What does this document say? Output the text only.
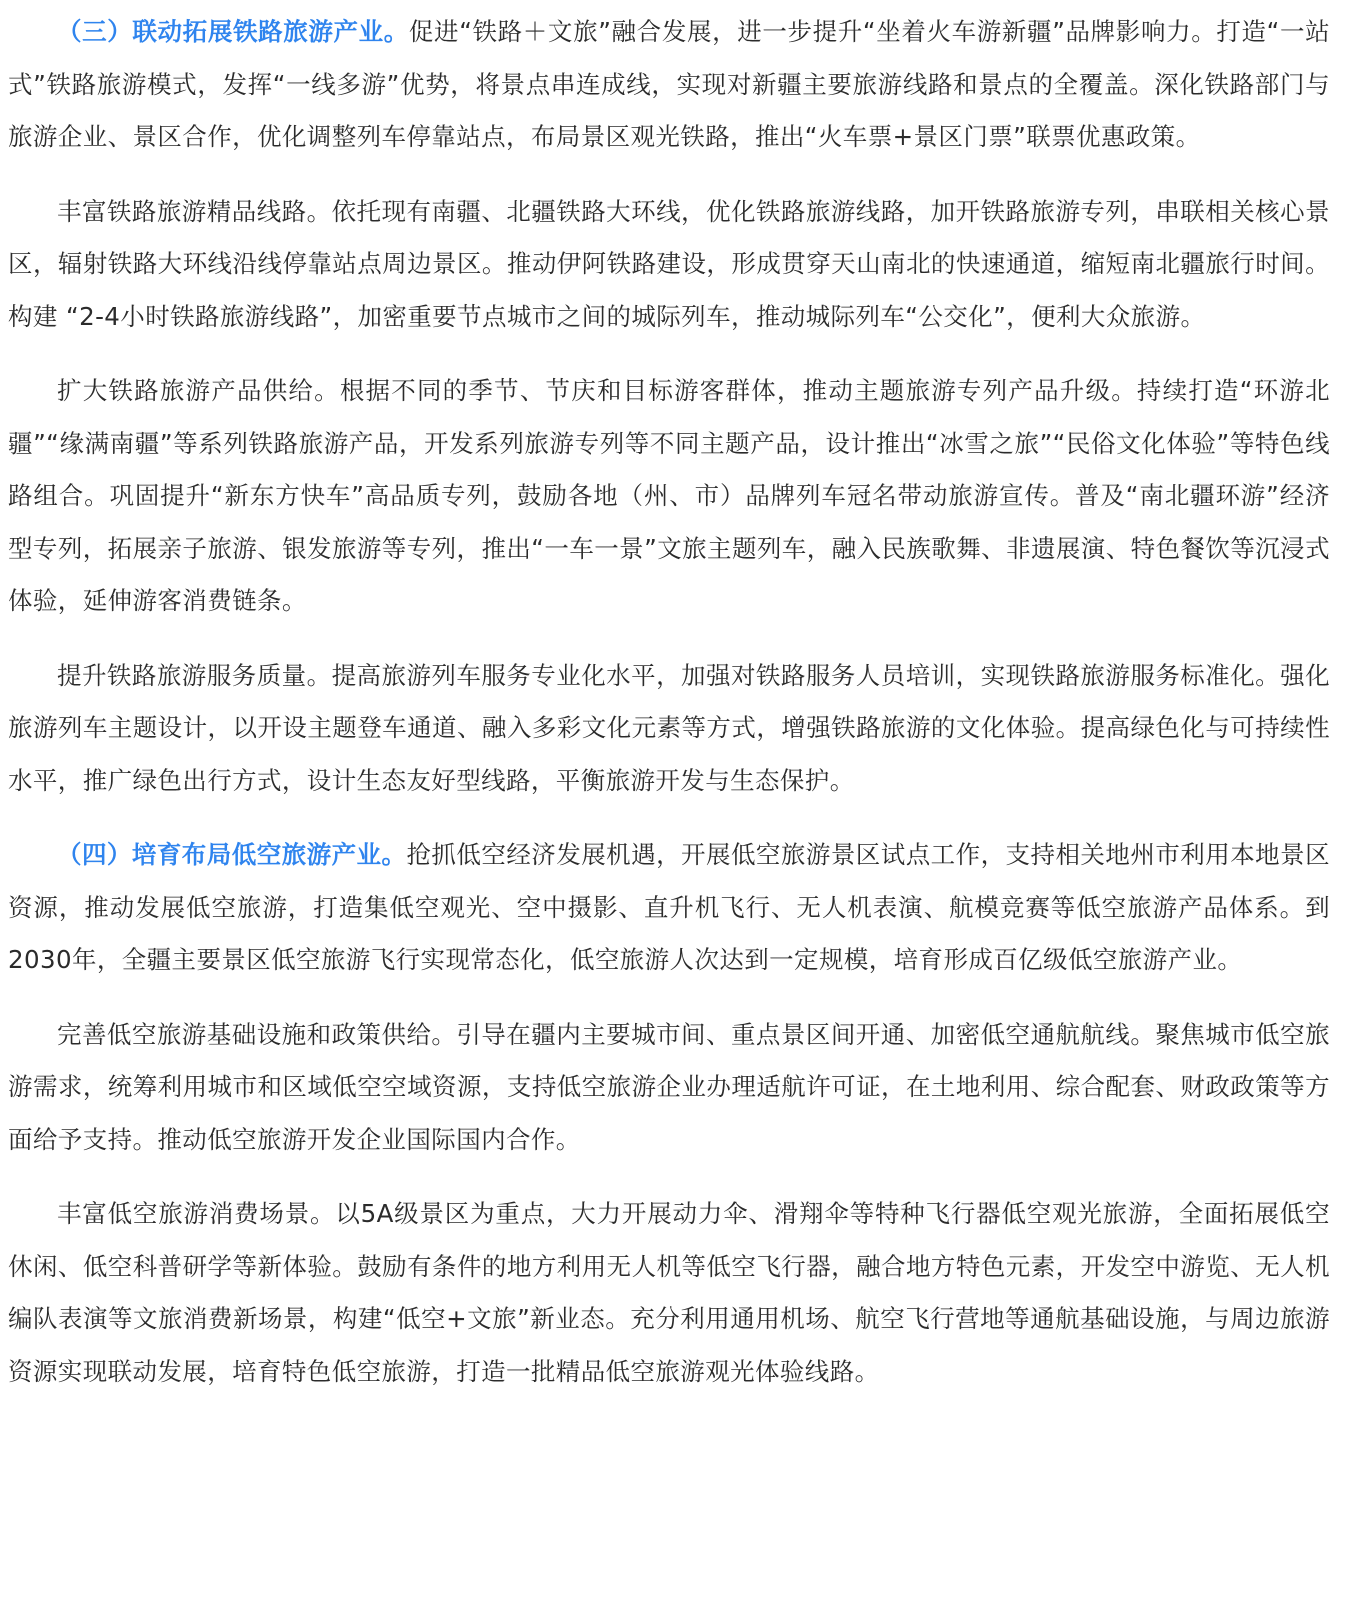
（三）联动拓展铁路旅游产业。促进“铁路＋文旅”融合发展，进一步提升“坐着火车游新疆”品牌影响力。打造“一站式”铁路旅游模式，发挥“一线多游”优势，将景点串连成线，实现对新疆主要旅游线路和景点的全覆盖。深化铁路部门与旅游企业、景区合作，优化调整列车停靠站点，布局景区观光铁路，推出“火车票+景区门票”联票优惠政策。

丰富铁路旅游精品线路。依托现有南疆、北疆铁路大环线，优化铁路旅游线路，加开铁路旅游专列，串联相关核心景区，辐射铁路大环线沿线停靠站点周边景区。推动伊阿铁路建设，形成贯穿天山南北的快速通道，缩短南北疆旅行时间。构建 “2-4小时铁路旅游线路”，加密重要节点城市之间的城际列车，推动城际列车“公交化”，便利大众旅游。

扩大铁路旅游产品供给。根据不同的季节、节庆和目标游客群体，推动主题旅游专列产品升级。持续打造“环游北疆”“缘满南疆”等系列铁路旅游产品，开发系列旅游专列等不同主题产品，设计推出“冰雪之旅”“民俗文化体验”等特色线路组合。巩固提升“新东方快车”高品质专列，鼓励各地（州、市）品牌列车冠名带动旅游宣传。普及“南北疆环游”经济型专列，拓展亲子旅游、银发旅游等专列，推出“一车一景”文旅主题列车，融入民族歌舞、非遗展演、特色餐饮等沉浸式体验，延伸游客消费链条。

提升铁路旅游服务质量。提高旅游列车服务专业化水平，加强对铁路服务人员培训，实现铁路旅游服务标准化。强化旅游列车主题设计，以开设主题登车通道、融入多彩文化元素等方式，增强铁路旅游的文化体验。提高绿色化与可持续性水平，推广绿色出行方式，设计生态友好型线路，平衡旅游开发与生态保护。

（四）培育布局低空旅游产业。抢抓低空经济发展机遇，开展低空旅游景区试点工作，支持相关地州市利用本地景区资源，推动发展低空旅游，打造集低空观光、空中摄影、直升机飞行、无人机表演、航模竞赛等低空旅游产品体系。到2030年，全疆主要景区低空旅游飞行实现常态化，低空旅游人次达到一定规模，培育形成百亿级低空旅游产业。

完善低空旅游基础设施和政策供给。引导在疆内主要城市间、重点景区间开通、加密低空通航航线。聚焦城市低空旅游需求，统筹利用城市和区域低空空域资源，支持低空旅游企业办理适航许可证，在土地利用、综合配套、财政政策等方面给予支持。推动低空旅游开发企业国际国内合作。

丰富低空旅游消费场景。以5A级景区为重点，大力开展动力伞、滑翔伞等特种飞行器低空观光旅游，全面拓展低空休闲、低空科普研学等新体验。鼓励有条件的地方利用无人机等低空飞行器，融合地方特色元素，开发空中游览、无人机编队表演等文旅消费新场景，构建“低空+文旅”新业态。充分利用通用机场、航空飞行营地等通航基础设施，与周边旅游资源实现联动发展，培育特色低空旅游，打造一批精品低空旅游观光体验线路。
